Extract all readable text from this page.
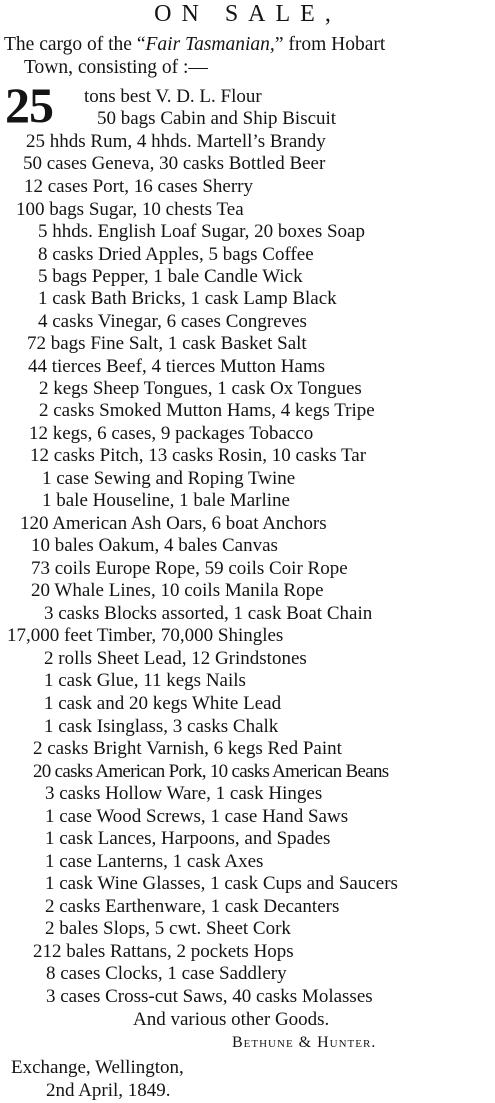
ON SALE,
The cargo of the “Fair Tasmanian,” from Hobart
Town, consisting of :—
25 tons best V. D. L. Flour
50 bags Cabin and Ship Biscuit
25 hhds Rum, 4 hhds. Martell’s Brandy
50 cases Geneva, 30 casks Bottled Beer
12 cases Port, 16 cases Sherry
100 bags Sugar, 10 chests Tea
5 hhds. English Loaf Sugar, 20 boxes Soap
8 casks Dried Apples, 5 bags Coffee
5 bags Pepper, 1 bale Candle Wick
1 cask Bath Bricks, 1 cask Lamp Black
4 casks Vinegar, 6 cases Congreves
72 bags Fine Salt, 1 cask Basket Salt
44 tierces Beef, 4 tierces Mutton Hams
2 kegs Sheep Tongues, 1 cask Ox Tongues
2 casks Smoked Mutton Hams, 4 kegs Tripe
12 kegs, 6 cases, 9 packages Tobacco
12 casks Pitch, 13 casks Rosin, 10 casks Tar
1 case Sewing and Roping Twine
1 bale Houseline, 1 bale Marline
120 American Ash Oars, 6 boat Anchors
10 bales Oakum, 4 bales Canvas
73 coils Europe Rope, 59 coils Coir Rope
20 Whale Lines, 10 coils Manila Rope
3 casks Blocks assorted, 1 cask Boat Chain
17,000 feet Timber, 70,000 Shingles
2 rolls Sheet Lead, 12 Grindstones
1 cask Glue, 11 kegs Nails
1 cask and 20 kegs White Lead
1 cask Isinglass, 3 casks Chalk
2 casks Bright Varnish, 6 kegs Red Paint
20 casks American Pork, 10 casks American Beans
3 casks Hollow Ware, 1 cask Hinges
1 case Wood Screws, 1 case Hand Saws
1 cask Lances, Harpoons, and Spades
1 case Lanterns, 1 cask Axes
1 cask Wine Glasses, 1 cask Cups and Saucers
2 casks Earthenware, 1 cask Decanters
2 bales Slops, 5 cwt. Sheet Cork
212 bales Rattans, 2 pockets Hops
8 cases Clocks, 1 case Saddlery
3 cases Cross-cut Saws, 40 casks Molasses
And various other Goods.
Bethune & Hunter.
Exchange, Wellington,
2nd April, 1849.
